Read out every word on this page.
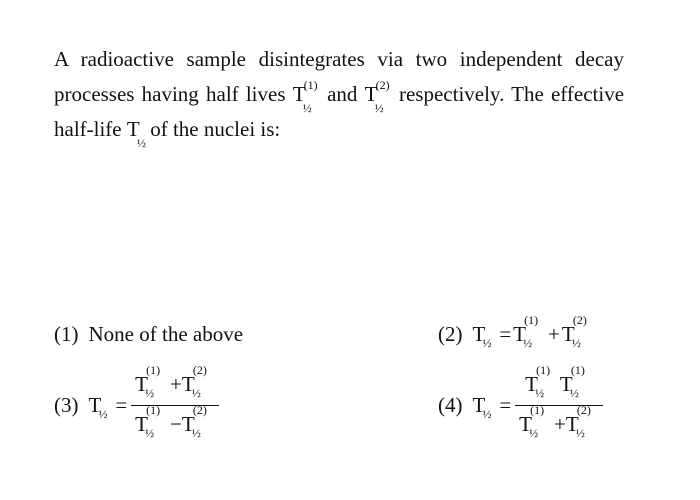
A radioactive sample disintegrates via two independent decay processes having half lives T
(1)
½
and T
(2)
½
respectively. The effective half-life T
½
of the nuclei is:
(1) None of the above	(2) T
½ = T
(1)
½ + T
(2)
½
(3) T
½ = T
(1)
½ +T
(2)
½
T
(1)
½ −T
(2)
½	(4) T
½ = T
(1)
½ T
(1)
½
T
(1)
½ +T
(2)
½
